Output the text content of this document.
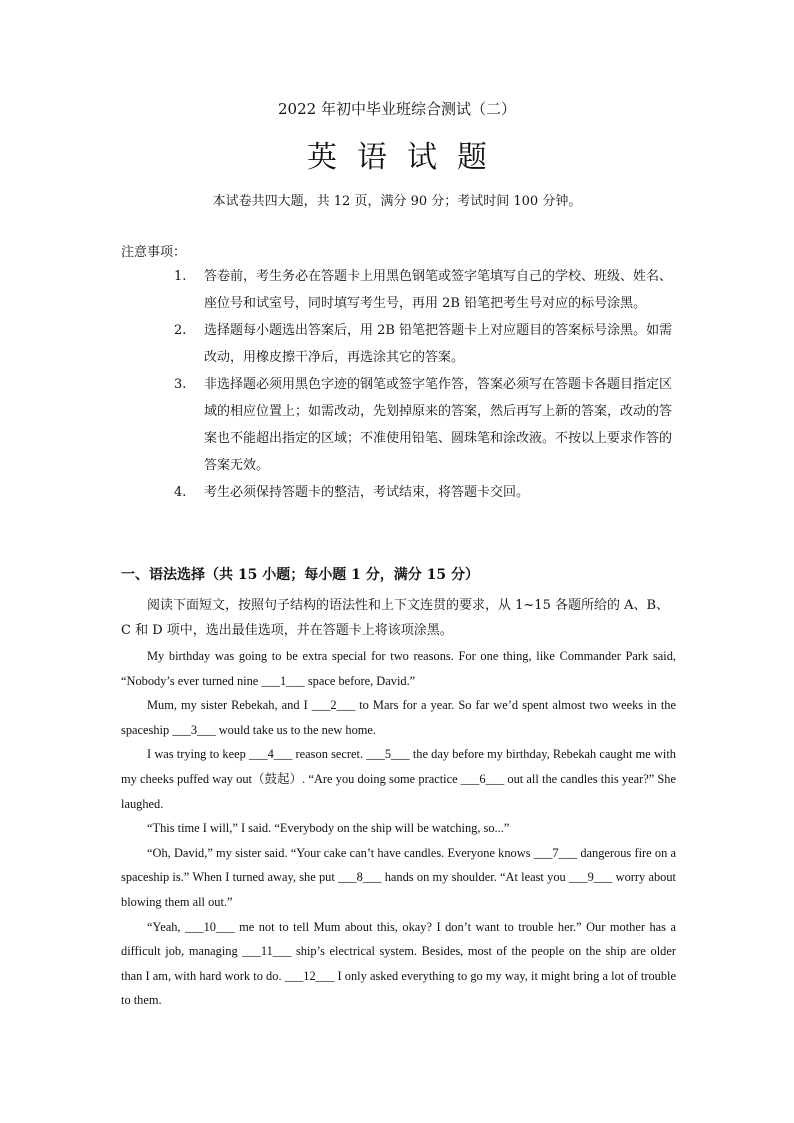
2022 年初中毕业班综合测试（二）
英语试题
本试卷共四大题，共 12 页，满分 90 分；考试时间 100 分钟。
注意事项：
1.	答卷前，考生务必在答题卡上用黑色钢笔或签字笔填写自己的学校、班级、姓名、座位号和试室号，同时填写考生号，再用 2B 铅笔把考生号对应的标号涂黑。
2.	选择题每小题选出答案后，用 2B 铅笔把答题卡上对应题目的答案标号涂黑。如需改动，用橡皮擦干净后，再选涂其它的答案。
3.	非选择题必须用黑色字迹的钢笔或签字笔作答，答案必须写在答题卡各题目指定区域的相应位置上；如需改动，先划掉原来的答案，然后再写上新的答案，改动的答案也不能超出指定的区域；不准使用铅笔、圆珠笔和涂改液。不按以上要求作答的答案无效。
4.	考生必须保持答题卡的整洁，考试结束，将答题卡交回。
一、语法选择（共 15 小题；每小题 1 分，满分 15 分）
阅读下面短文，按照句子结构的语法性和上下文连贯的要求，从 1~15 各题所给的 A、B、C 和 D 项中，选出最佳选项，并在答题卡上将该项涂黑。

My birthday was going to be extra special for two reasons. For one thing, like Commander Park said, “Nobody’s ever turned nine ___1___ space before, David.”

Mum, my sister Rebekah, and I ___2___ to Mars for a year. So far we’d spent almost two weeks in the spaceship ___3___ would take us to the new home.

I was trying to keep ___4___ reason secret. ___5___ the day before my birthday, Rebekah caught me with my cheeks puffed way out（鼓起）. “Are you doing some practice ___6___ out all the candles this year?” She laughed.

“This time I will,” I said. “Everybody on the ship will be watching, so...”

“Oh, David,” my sister said. “Your cake can’t have candles. Everyone knows ___7___ dangerous fire on a spaceship is.” When I turned away, she put ___8___ hands on my shoulder. “At least you ___9___ worry about blowing them all out.”

“Yeah, ___10___ me not to tell Mum about this, okay? I don’t want to trouble her.” Our mother has a difficult job, managing ___11___ ship’s electrical system. Besides, most of the people on the ship are older than I am, with hard work to do. ___12___ I only asked everything to go my way, it might bring a lot of trouble to them.
